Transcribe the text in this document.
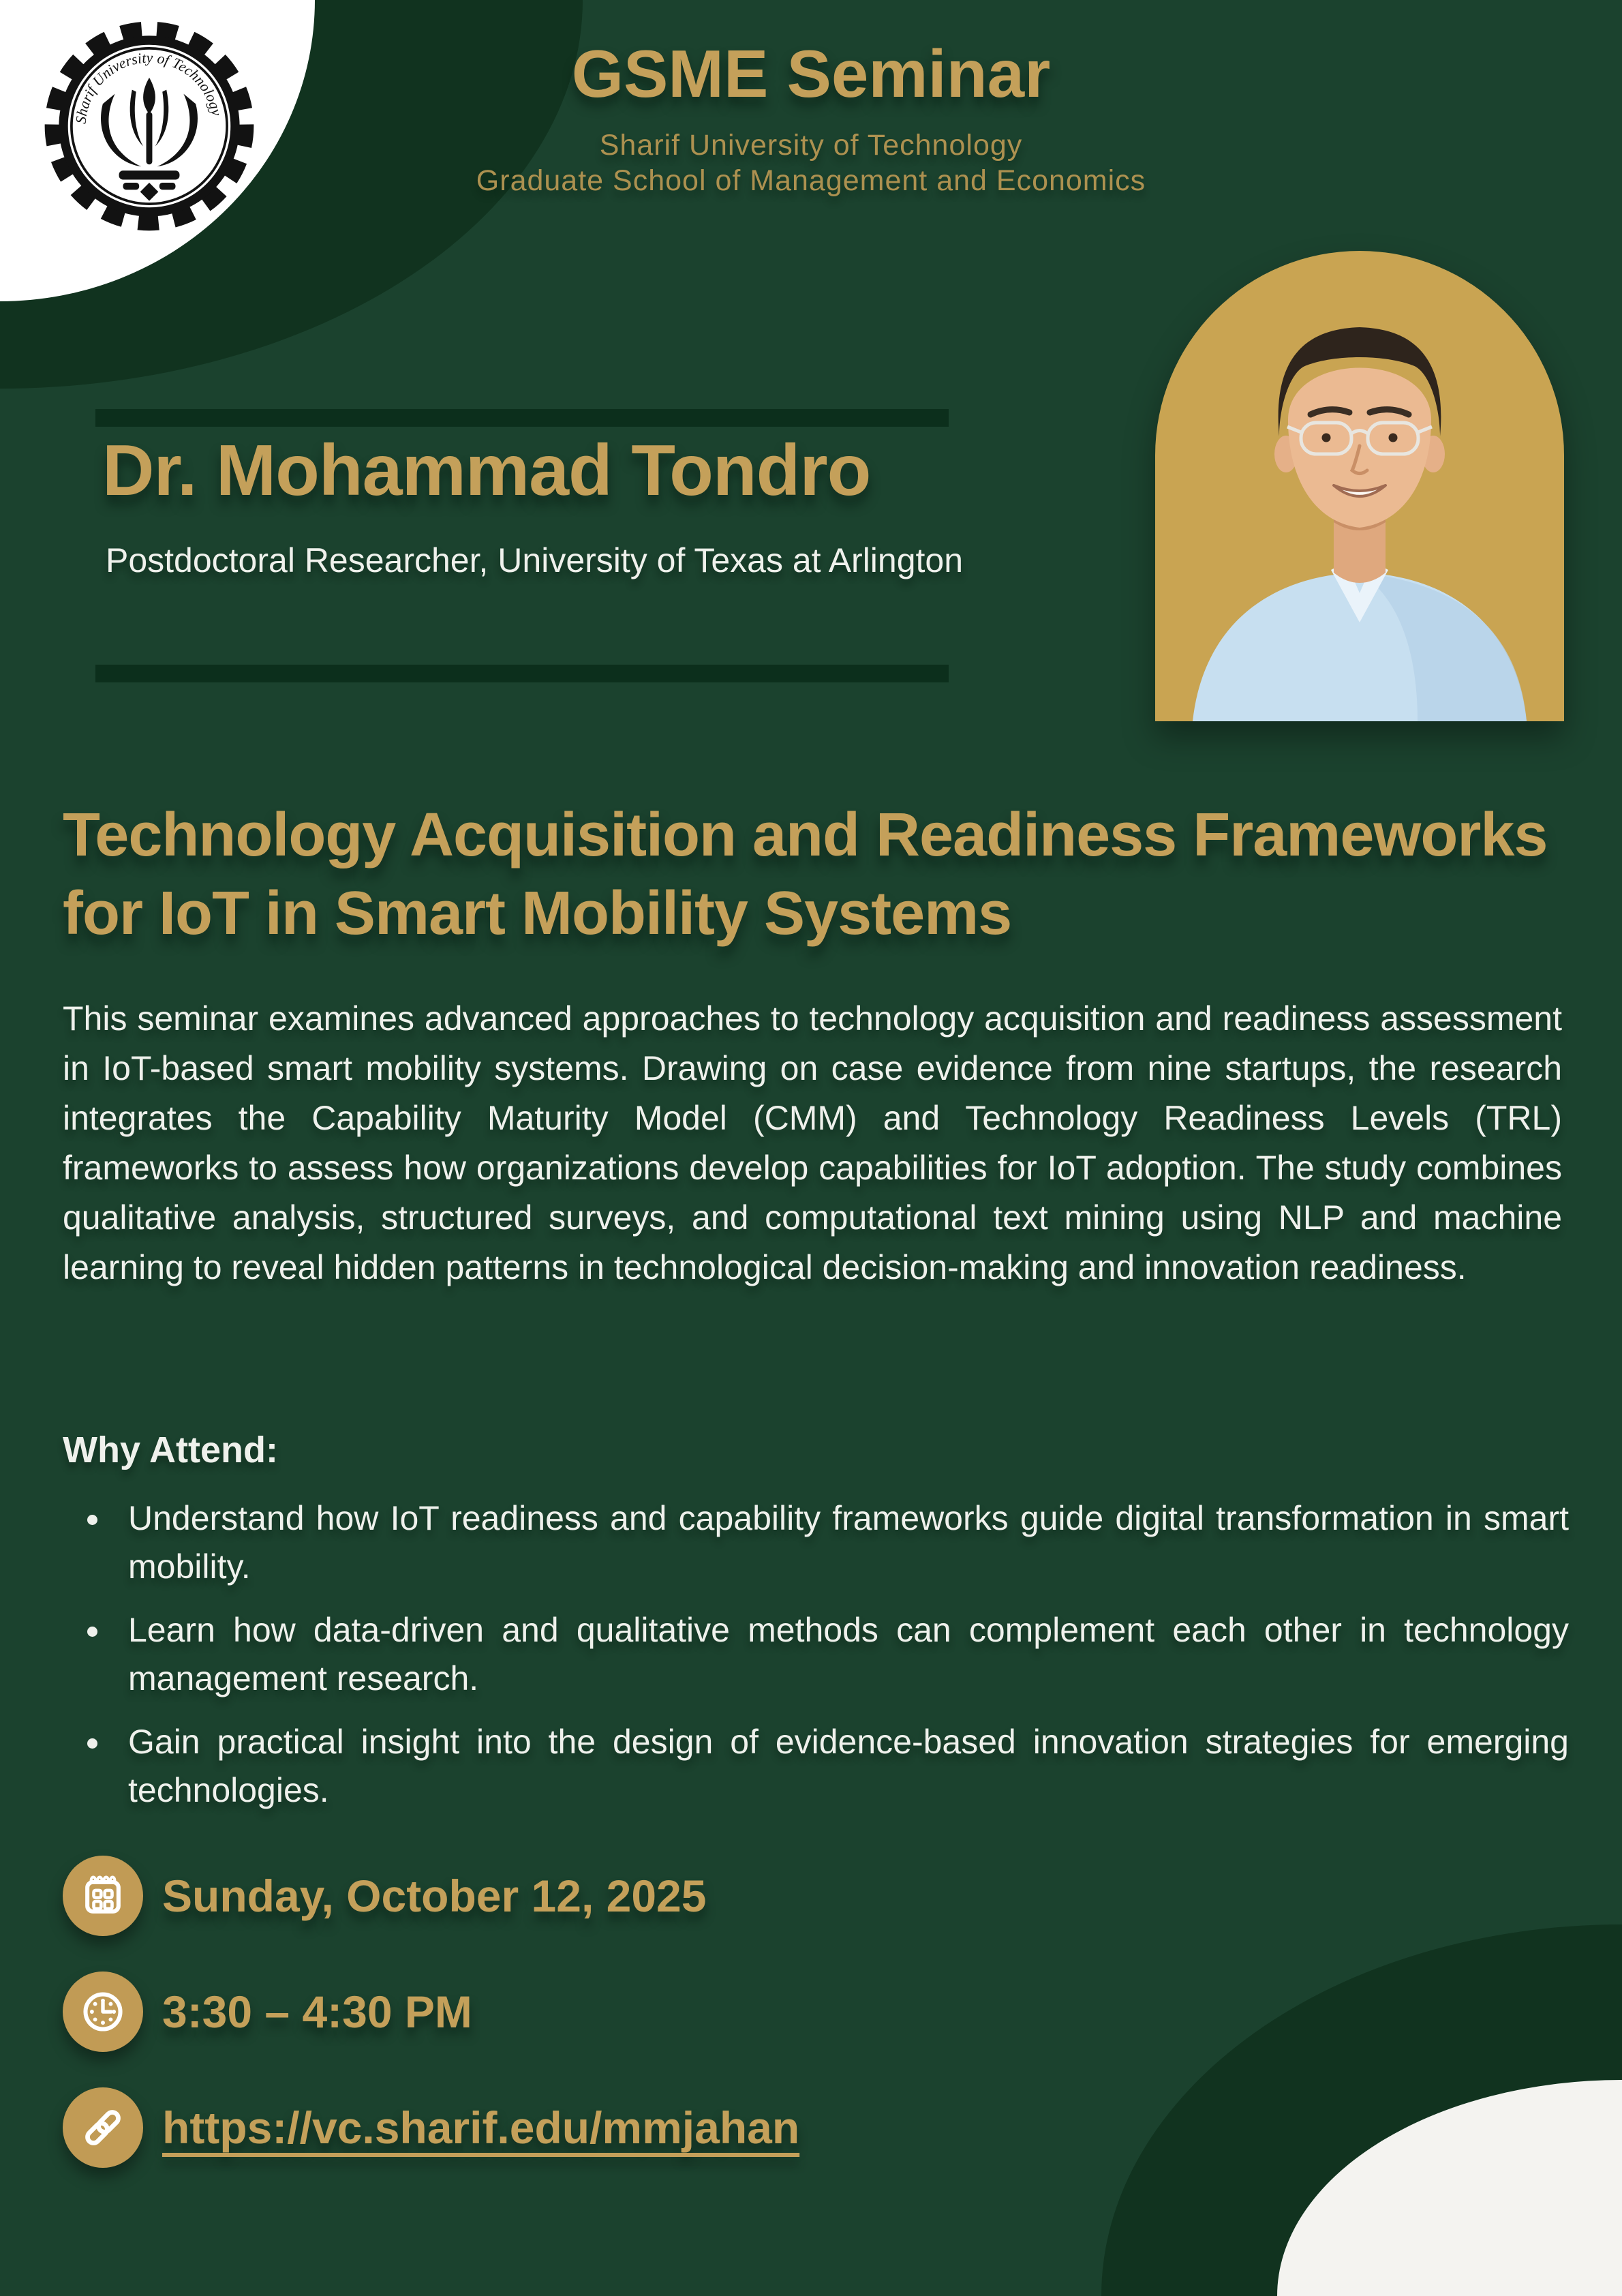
Sharif University of Technology
GSME Seminar
Sharif University of Technology
Graduate School of Management and Economics
Dr. Mohammad Tondro
Postdoctoral Researcher, University of Texas at Arlington
Technology Acquisition and Readiness Frameworks for IoT in Smart Mobility Systems
This seminar examines advanced approaches to technology acquisition and readiness assessment in IoT-based smart mobility systems. Drawing on case evidence from nine startups, the research integrates the Capability Maturity Model (CMM) and Technology Readiness Levels (TRL) frameworks to assess how organizations develop capabilities for IoT adoption. The study combines qualitative analysis, structured surveys, and computational text mining using NLP and machine learning to reveal hidden patterns in technological decision-making and innovation readiness.
Why Attend:
Understand how IoT readiness and capability frameworks guide digital transformation in smart mobility.
Learn how data-driven and qualitative methods can complement each other in technology management research.
Gain practical insight into the design of evidence-based innovation strategies for emerging technologies.
Sunday, October 12, 2025
3:30 – 4:30 PM
https://vc.sharif.edu/mmjahan
